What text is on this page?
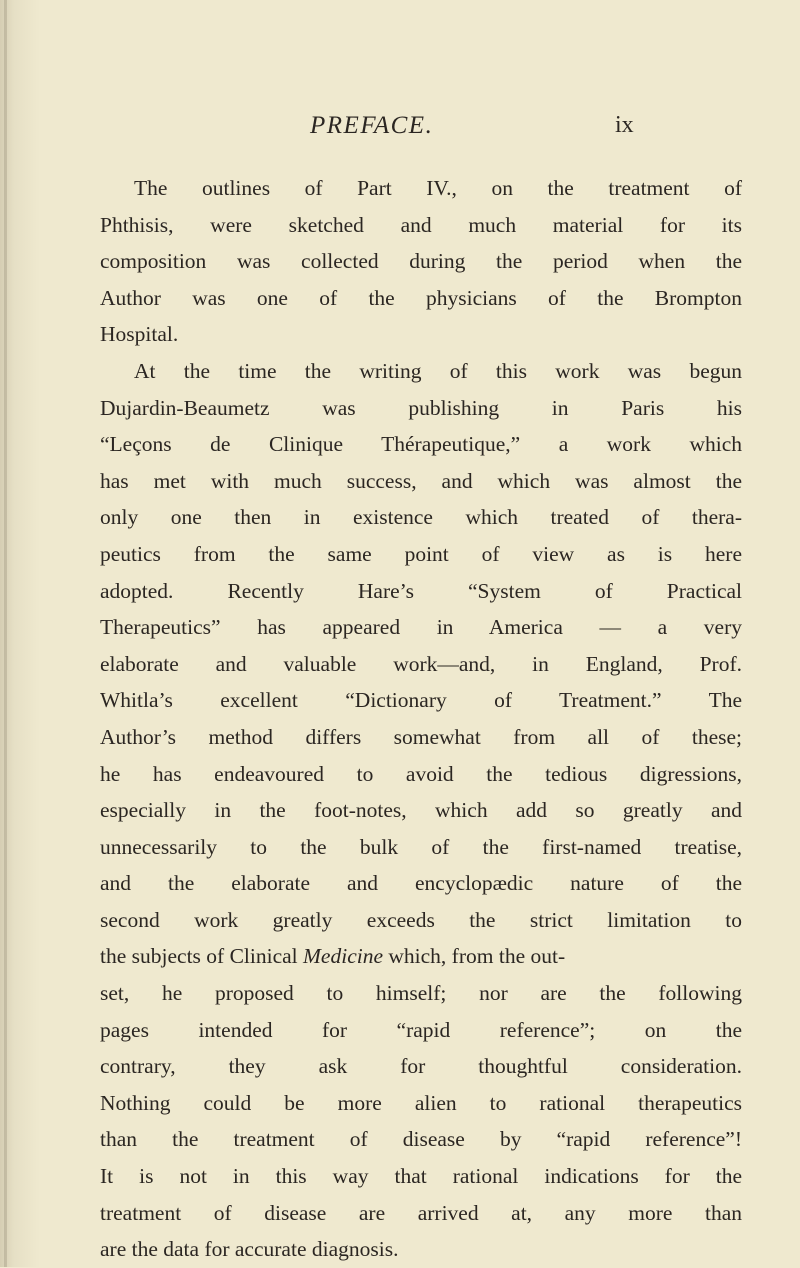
PREFACE.	ix
The outlines of Part IV., on the treatment of
Phthisis, were sketched and much material for its
composition was collected during the period when the
Author was one of the physicians of the Brompton
Hospital.
At the time the writing of this work was begun
Dujardin-Beaumetz was publishing in Paris his
“Leçons de Clinique Thérapeutique,” a work which
has met with much success, and which was almost the
only one then in existence which treated of thera-
peutics from the same point of view as is here
adopted. Recently Hare’s “System of Practical
Therapeutics” has appeared in America — a very
elaborate and valuable work—and, in England, Prof.
Whitla’s excellent “Dictionary of Treatment.” The
Author’s method differs somewhat from all of these;
he has endeavoured to avoid the tedious digressions,
especially in the foot-notes, which add so greatly and
unnecessarily to the bulk of the first-named treatise,
and the elaborate and encyclopædic nature of the
second work greatly exceeds the strict limitation to
the subjects of Clinical Medicine which, from the out-
set, he proposed to himself; nor are the following
pages intended for “rapid reference”; on the
contrary, they ask for thoughtful consideration.
Nothing could be more alien to rational therapeutics
than the treatment of disease by “rapid reference”!
It is not in this way that rational indications for the
treatment of disease are arrived at, any more than
are the data for accurate diagnosis.
